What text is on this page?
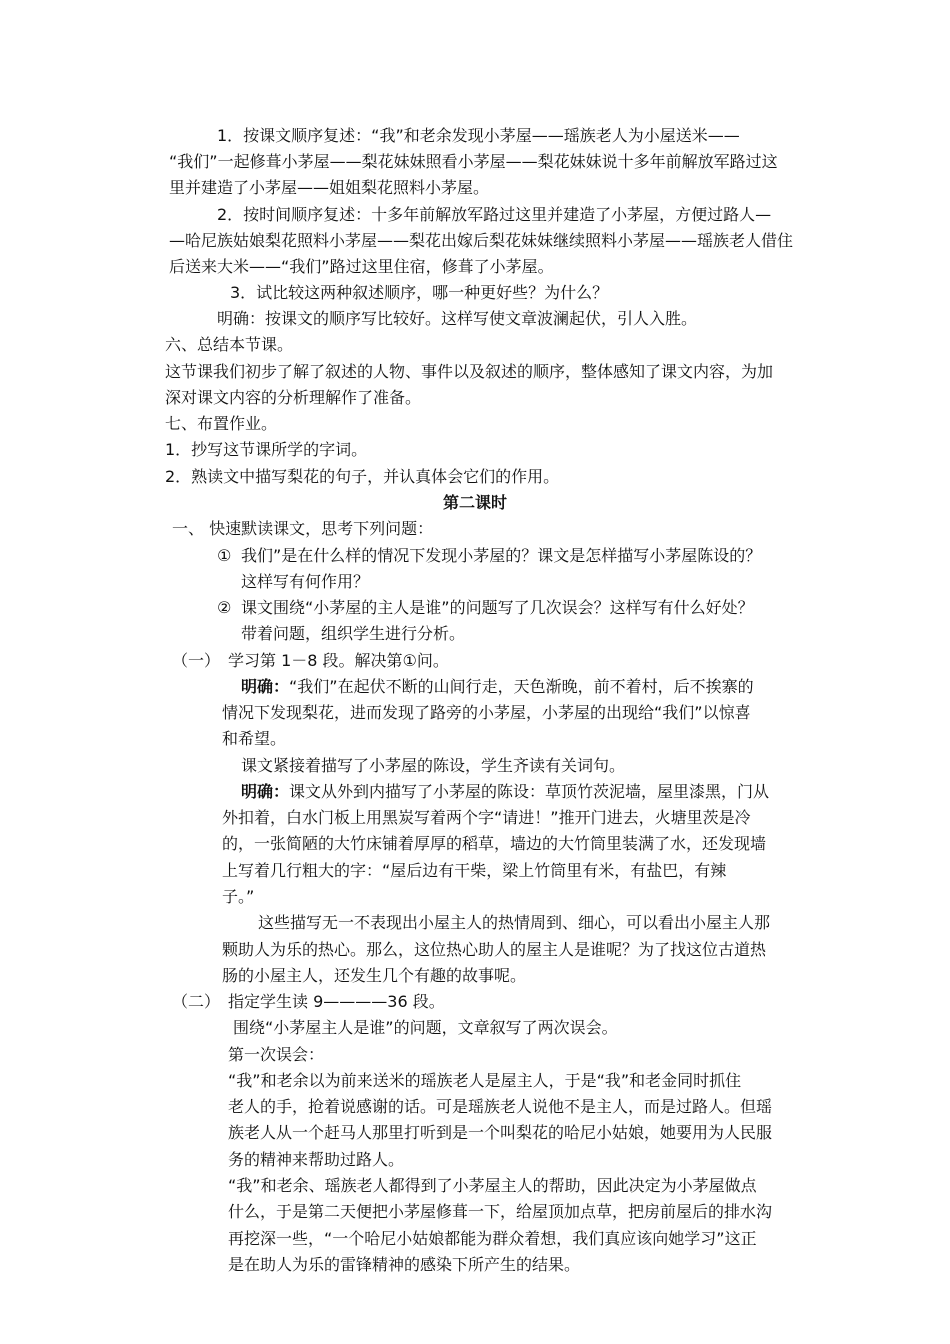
1．按课文顺序复述：“我”和老余发现小茅屋——瑶族老人为小屋送米——
“我们”一起修葺小茅屋——梨花妹妹照看小茅屋——梨花妹妹说十多年前解放军路过这
里并建造了小茅屋——姐姐梨花照料小茅屋。
2．按时间顺序复述：十多年前解放军路过这里并建造了小茅屋，方便过路人—
—哈尼族姑娘梨花照料小茅屋——梨花出嫁后梨花妹妹继续照料小茅屋——瑶族老人借住
后送来大米——“我们”路过这里住宿，修葺了小茅屋。
3．试比较这两种叙述顺序，哪一种更好些？为什么？
明确：按课文的顺序写比较好。这样写使文章波澜起伏，引人入胜。
六、总结本节课。
这节课我们初步了解了叙述的人物、事件以及叙述的顺序，整体感知了课文内容，为加
深对课文内容的分析理解作了准备。
七、布置作业。
1．抄写这节课所学的字词。
2．熟读文中描写梨花的句子，并认真体会它们的作用。
第二课时
一、 快速默读课文，思考下列问题：
① 我们”是在什么样的情况下发现小茅屋的？课文是怎样描写小茅屋陈设的？
这样写有何作用？
② 课文围绕“小茅屋的主人是谁”的问题写了几次误会？这样写有什么好处？
带着问题，组织学生进行分析。
（一） 学习第 1－8 段。解决第①问。
明确：“我们”在起伏不断的山间行走，天色渐晚，前不着村，后不挨寨的
情况下发现梨花，进而发现了路旁的小茅屋，小茅屋的出现给“我们”以惊喜
和希望。
课文紧接着描写了小茅屋的陈设，学生齐读有关词句。
明确：课文从外到内描写了小茅屋的陈设：草顶竹茨泥墙，屋里漆黑，门从
外扣着，白水门板上用黑炭写着两个字“请进！”推开门进去，火塘里茨是冷
的，一张简陋的大竹床铺着厚厚的稻草，墙边的大竹筒里装满了水，还发现墙
上写着几行粗大的字：“屋后边有干柴，梁上竹筒里有米，有盐巴，有辣
子。”
这些描写无一不表现出小屋主人的热情周到、细心，可以看出小屋主人那
颗助人为乐的热心。那么，这位热心助人的屋主人是谁呢？为了找这位古道热
肠的小屋主人，还发生几个有趣的故事呢。
（二） 指定学生读 9————36 段。
围绕“小茅屋主人是谁”的问题，文章叙写了两次误会。
第一次误会：
“我”和老余以为前来送米的瑶族老人是屋主人，于是“我”和老金同时抓住
老人的手，抢着说感谢的话。可是瑶族老人说他不是主人，而是过路人。但瑶
族老人从一个赶马人那里打听到是一个叫梨花的哈尼小姑娘，她要用为人民服
务的精神来帮助过路人。
“我”和老余、瑶族老人都得到了小茅屋主人的帮助，因此决定为小茅屋做点
什么，于是第二天便把小茅屋修葺一下，给屋顶加点草，把房前屋后的排水沟
再挖深一些，“一个哈尼小姑娘都能为群众着想，我们真应该向她学习”这正
是在助人为乐的雷锋精神的感染下所产生的结果。
